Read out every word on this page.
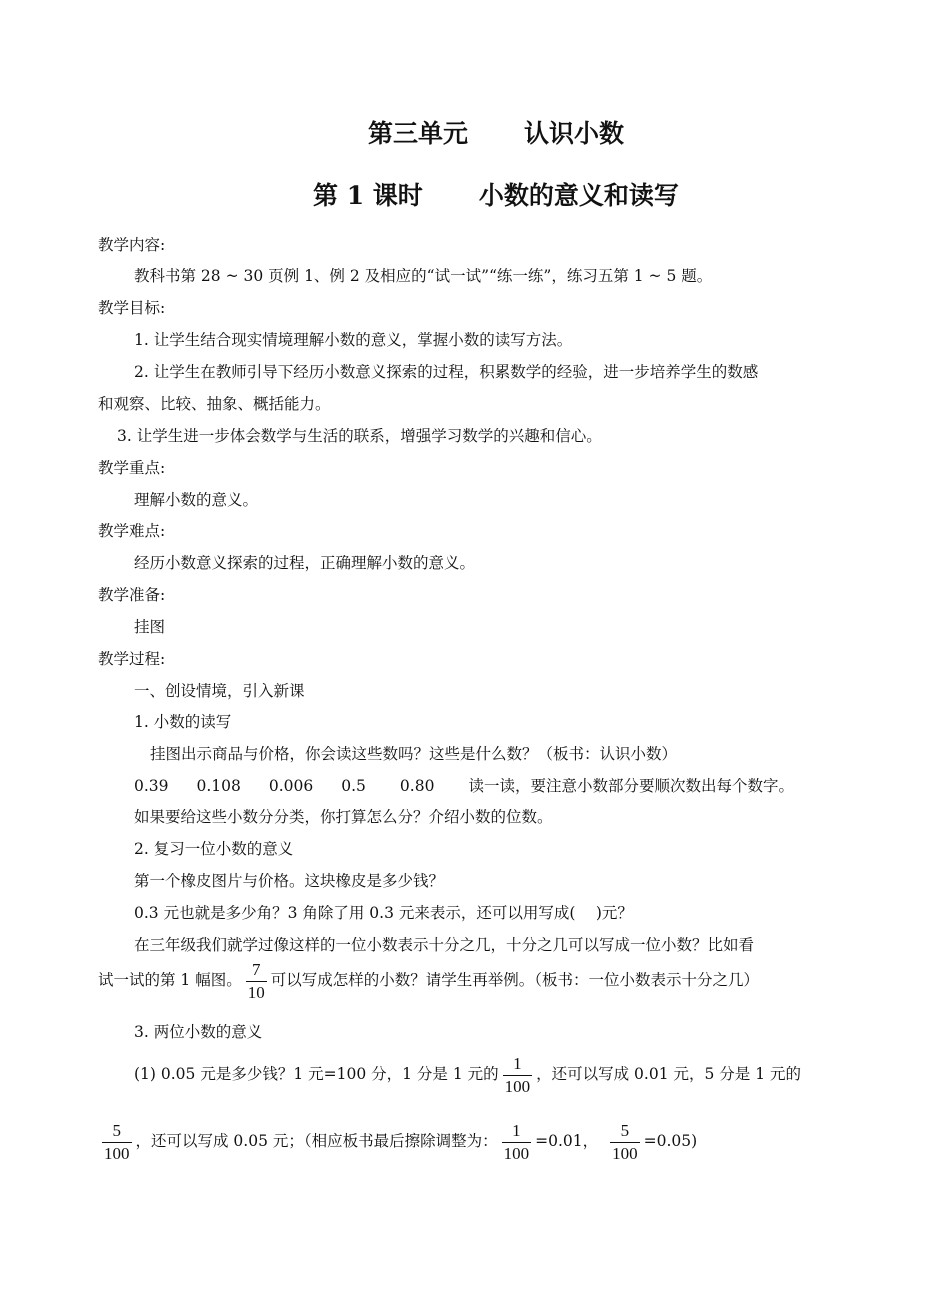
第三单元 认识小数
第 1 课时 小数的意义和读写
教学内容:
教科书第 28 ~ 30 页例 1、例 2 及相应的“试一试”“练一练”，练习五第 1 ~ 5 题。
教学目标:
1. 让学生结合现实情境理解小数的意义，掌握小数的读写方法。
2. 让学生在教师引导下经历小数意义探索的过程，积累数学的经验，进一步培养学生的数感
和观察、比较、抽象、概括能力。
3. 让学生进一步体会数学与生活的联系，增强学习数学的兴趣和信心。
教学重点:
理解小数的意义。
教学难点:
经历小数意义探索的过程，正确理解小数的意义。
教学准备:
挂图
教学过程:
一、创设情境，引入新课
1. 小数的读写
挂图出示商品与价格，你会读这些数吗？这些是什么数？（板书：认识小数）
0.39 0.108 0.006 0.5 0.80 读一读，要注意小数部分要顺次数出每个数字。
如果要给这些小数分分类，你打算怎么分？介绍小数的位数。
2. 复习一位小数的意义
第一个橡皮图片与价格。这块橡皮是多少钱？
0.3 元也就是多少角？3 角除了用 0.3 元来表示，还可以用写成(　 )元？
在三年级我们就学过像这样的一位小数表示十分之几，十分之几可以写成一位小数？比如看
试一试的第 1 幅图。 $\frac{7}{10}$ 可以写成怎样的小数？请学生再举例。（板书：一位小数表示十分之几）
3. 两位小数的意义
(1) 0.05 元是多少钱？1 元=100 分，1 分是 1 元的 $\frac{1}{100}$ ，还可以写成 0.01 元，5 分是 1 元的
$\frac{5}{100}$ ，还可以写成 0.05 元；（相应板书最后擦除调整为： $\frac{1}{100} =0.01$， $\frac{5}{100} =0.05$)
